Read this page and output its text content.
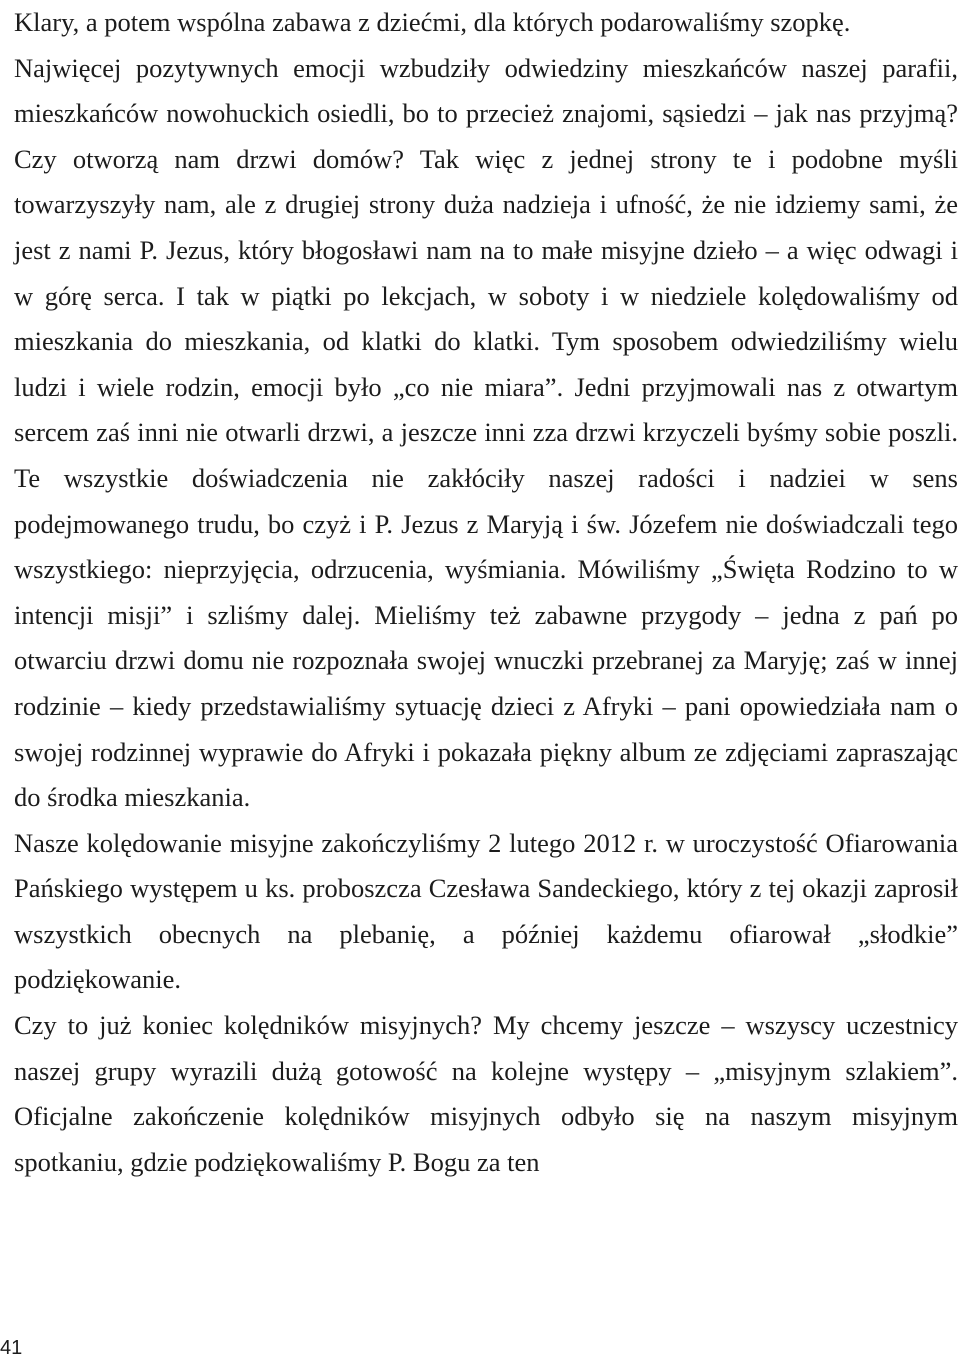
Klary, a potem wspólna zabawa z dziećmi, dla których podarowaliśmy szopkę.

Najwięcej pozytywnych emocji wzbudziły odwiedziny mieszkańców naszej parafii, mieszkańców nowohuckich osiedli, bo to przecież znajomi, sąsiedzi – jak nas przyjmą? Czy otworzą nam drzwi domów? Tak więc z jednej strony te i podobne myśli towarzyszyły nam, ale z drugiej strony duża nadzieja i ufność, że nie idziemy sami, że jest z nami P. Jezus, który błogosławi nam na to małe misyjne dzieło – a więc odwagi i w górę serca. I tak w piątki po lekcjach, w soboty i w niedziele kolędowaliśmy od mieszkania do mieszkania, od klatki do klatki. Tym sposobem odwiedziliśmy wielu ludzi i wiele rodzin, emocji było „co nie miara”. Jedni przyjmowali nas z otwartym sercem zaś inni nie otwarli drzwi, a jeszcze inni zza drzwi krzyczeli byśmy sobie poszli. Te wszystkie doświadczenia nie zakłóciły naszej radości i nadziei w sens podejmowanego trudu, bo czyż i P. Jezus z Maryją i św. Józefem nie doświadczali tego wszystkiego: nieprzyjęcia, odrzucenia, wyśmiania. Mówiliśmy „Święta Rodzino to w intencji misji” i szliśmy dalej. Mieliśmy też zabawne przygody – jedna z pań po otwarciu drzwi domu nie rozpoznała swojej wnuczki przebranej za Maryję; zaś w innej rodzinie – kiedy przedstawialiśmy sytuację dzieci z Afryki – pani opowiedziała nam o swojej rodzinnej wyprawie do Afryki i pokazała piękny album ze zdjęciami zapraszając do środka mieszkania.

Nasze kolędowanie misyjne zakończyliśmy 2 lutego 2012 r. w uroczystość Ofiarowania Pańskiego występem u ks. proboszcza Czesława Sandeckiego, który z tej okazji zaprosił wszystkich obecnych na plebanię, a później każdemu ofiarował „słodkie” podziękowanie.

Czy to już koniec kolędników misyjnych? My chcemy jeszcze – wszyscy uczestnicy naszej grupy wyrazili dużą gotowość na kolejne występy – „misyjnym szlakiem”. Oficjalne zakończenie kolędników misyjnych odbyło się na naszym misyjnym spotkaniu, gdzie podziękowaliśmy P. Bogu za ten

41
